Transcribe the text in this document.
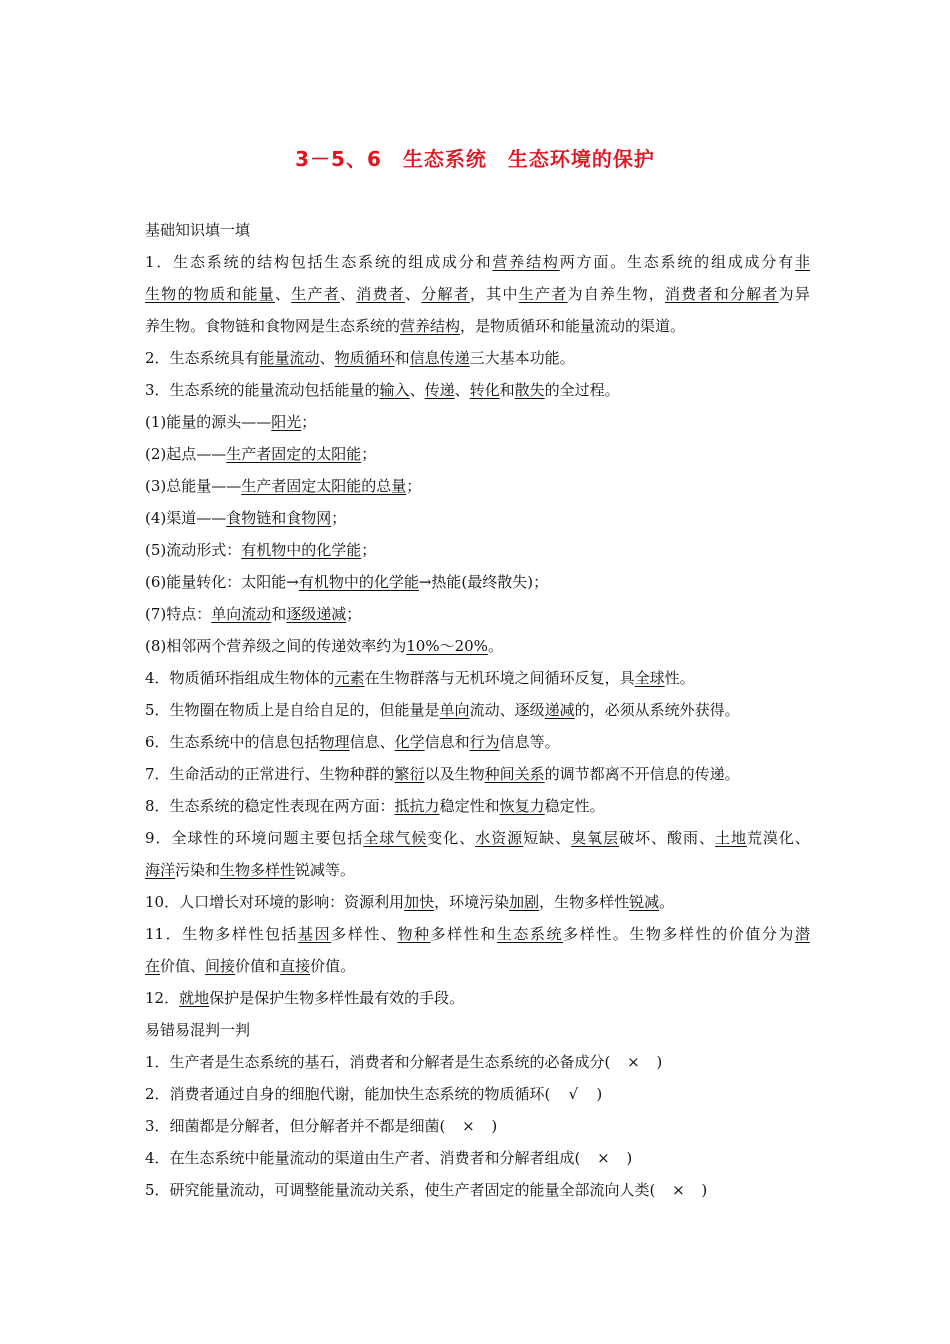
3－5、6　生态系统　生态环境的保护
基础知识填一填
1．生态系统的结构包括生态系统的组成成分和营养结构两方面。生态系统的组成成分有非
生物的物质和能量、生产者、消费者、分解者，其中生产者为自养生物，消费者和分解者为异
养生物。食物链和食物网是生态系统的营养结构，是物质循环和能量流动的渠道。
2．生态系统具有能量流动、物质循环和信息传递三大基本功能。
3．生态系统的能量流动包括能量的输入、传递、转化和散失的全过程。
(1)能量的源头——阳光；
(2)起点——生产者固定的太阳能；
(3)总能量——生产者固定太阳能的总量；
(4)渠道——食物链和食物网；
(5)流动形式：有机物中的化学能；
(6)能量转化：太阳能→有机物中的化学能→热能(最终散失)；
(7)特点：单向流动和逐级递减；
(8)相邻两个营养级之间的传递效率约为10%～20%。
4．物质循环指组成生物体的元素在生物群落与无机环境之间循环反复，具全球性。
5．生物圈在物质上是自给自足的，但能量是单向流动、逐级递减的，必须从系统外获得。
6．生态系统中的信息包括物理信息、化学信息和行为信息等。
7．生命活动的正常进行、生物种群的繁衍以及生物种间关系的调节都离不开信息的传递。
8．生态系统的稳定性表现在两方面：抵抗力稳定性和恢复力稳定性。
9．全球性的环境问题主要包括全球气候变化、水资源短缺、臭氧层破坏、酸雨、土地荒漠化、
海洋污染和生物多样性锐减等。
10．人口增长对环境的影响：资源利用加快，环境污染加剧，生物多样性锐减。
11．生物多样性包括基因多样性、物种多样性和生态系统多样性。生物多样性的价值分为潜
在价值、间接价值和直接价值。
12．就地保护是保护生物多样性最有效的手段。
易错易混判一判
1．生产者是生态系统的基石，消费者和分解者是生态系统的必备成分( × )
2．消费者通过自身的细胞代谢，能加快生态系统的物质循环( √ )
3．细菌都是分解者，但分解者并不都是细菌( × )
4．在生态系统中能量流动的渠道由生产者、消费者和分解者组成( × )
5．研究能量流动，可调整能量流动关系，使生产者固定的能量全部流向人类( × )
